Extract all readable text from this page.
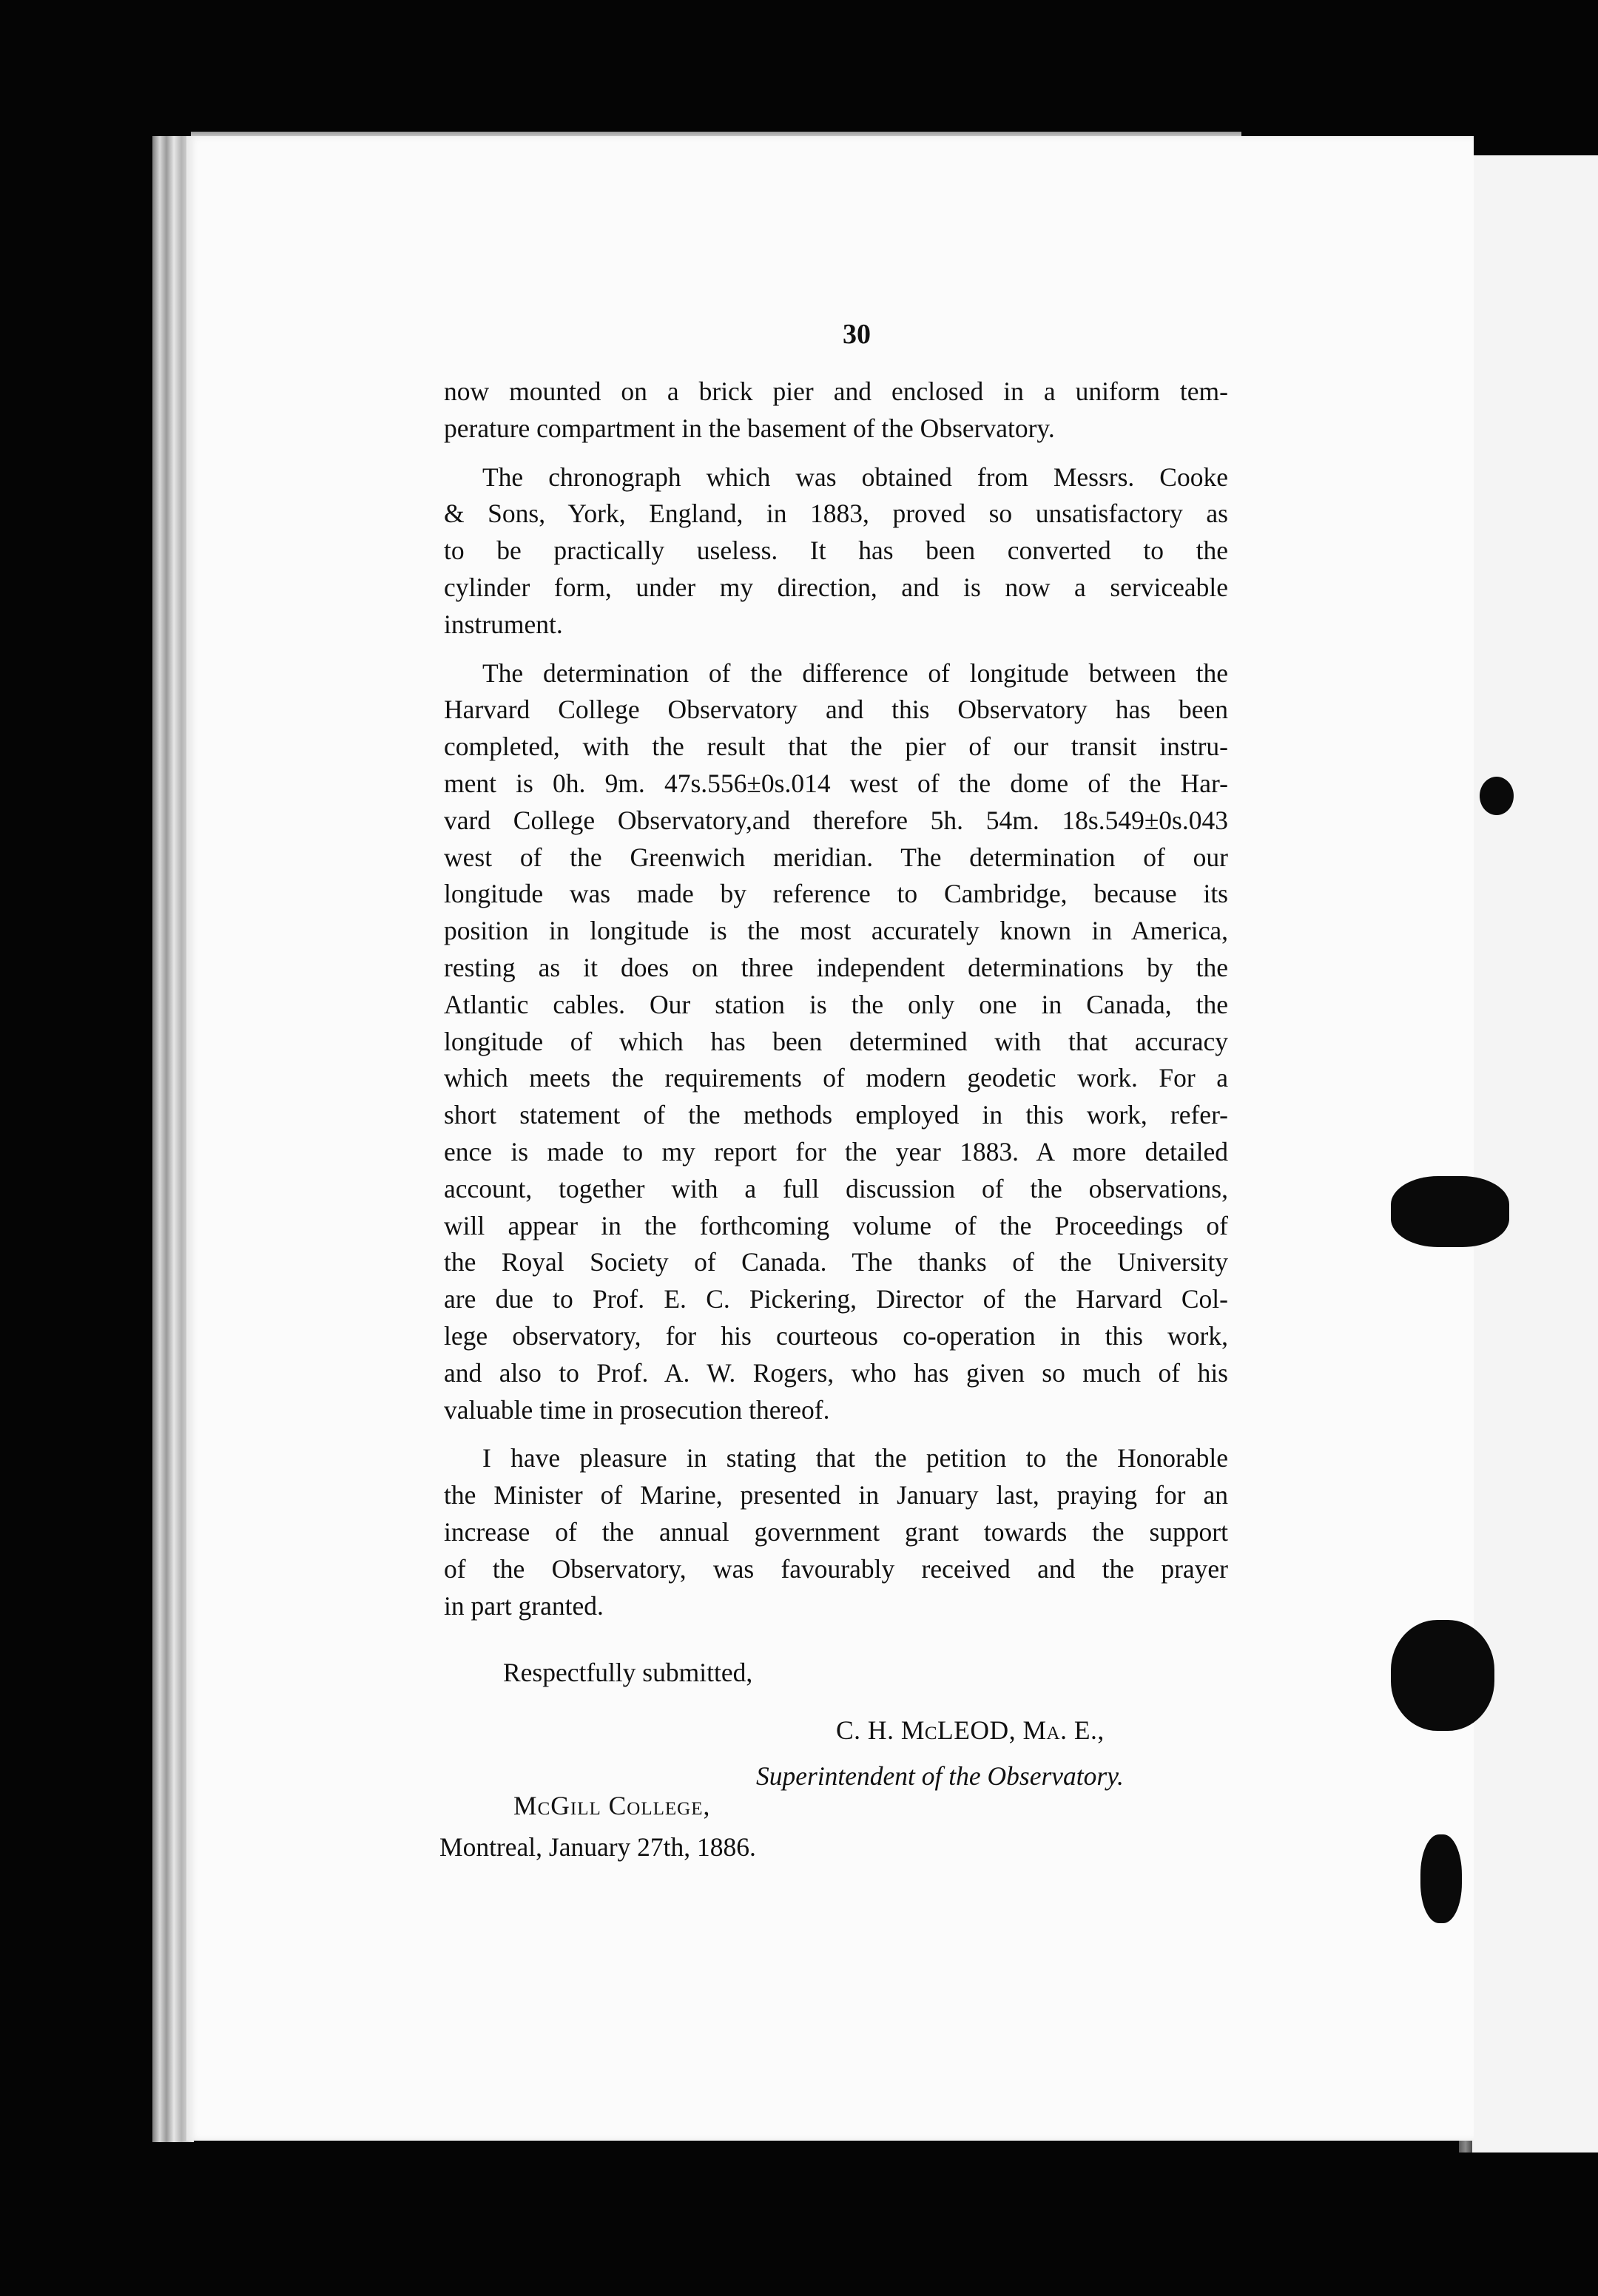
30
now mounted on a brick pier and enclosed in a uniform tem-
perature compartment in the basement of the Observatory.
The chronograph which was obtained from Messrs. Cooke
& Sons, York, England, in 1883, proved so unsatisfactory as
to be practically useless. It has been converted to the
cylinder form, under my direction, and is now a serviceable
instrument.
The determination of the difference of longitude between the
Harvard College Observatory and this Observatory has been
completed, with the result that the pier of our transit instru-
ment is 0h. 9m. 47s.556±0s.014 west of the dome of the Har-
vard College Observatory,and therefore 5h. 54m. 18s.549±0s.043
west of the Greenwich meridian. The determination of our
longitude was made by reference to Cambridge, because its
position in longitude is the most accurately known in America,
resting as it does on three independent determinations by the
Atlantic cables. Our station is the only one in Canada, the
longitude of which has been determined with that accuracy
which meets the requirements of modern geodetic work. For a
short statement of the methods employed in this work, refer-
ence is made to my report for the year 1883. A more detailed
account, together with a full discussion of the observations,
will appear in the forthcoming volume of the Proceedings of
the Royal Society of Canada. The thanks of the University
are due to Prof. E. C. Pickering, Director of the Harvard Col-
lege observatory, for his courteous co-operation in this work,
and also to Prof. A. W. Rogers, who has given so much of his
valuable time in prosecution thereof.
I have pleasure in stating that the petition to the Honorable
the Minister of Marine, presented in January last, praying for an
increase of the annual government grant towards the support
of the Observatory, was favourably received and the prayer
in part granted.
Respectfully submitted,
C. H. McLEOD, Ma. E.,
Superintendent of the Observatory.
McGill College,
Montreal, January 27th, 1886.
